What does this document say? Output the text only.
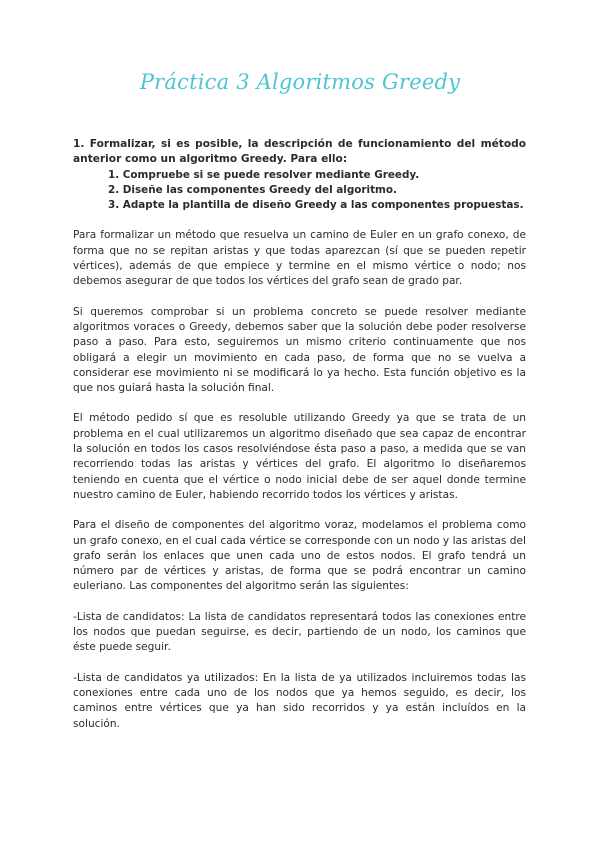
Práctica 3 Algoritmos Greedy

1. Formalizar, si es posible, la descripción de funcionamiento del método anterior como un algoritmo Greedy. Para ello:

1. Compruebe si se puede resolver mediante Greedy.
2. Diseñe las componentes Greedy del algoritmo.
3. Adapte la plantilla de diseño Greedy a las componentes propuestas.

Para formalizar un método que resuelva un camino de Euler en un grafo conexo, de forma que no se repitan aristas y que todas aparezcan (sí que se pueden repetir vértices), además de que empiece y termine en el mismo vértice o nodo; nos debemos asegurar de que todos los vértices del grafo sean de grado par.

Si queremos comprobar si un problema concreto se puede resolver mediante algoritmos voraces o Greedy, debemos saber que la solución debe poder resolverse paso a paso. Para esto, seguiremos un mismo criterio continuamente que nos obligará a elegir un movimiento en cada paso, de forma que no se vuelva a considerar ese movimiento ni se modificará lo ya hecho. Esta función objetivo es la que nos guiará hasta la solución final.

El método pedido sí que es resoluble utilizando Greedy ya que se trata de un problema en el cual utilizaremos un algoritmo diseñado que sea capaz de encontrar la solución en todos los casos resolviéndose ésta paso a paso, a medida que se van recorriendo todas las aristas y vértices del grafo. El algoritmo lo diseñaremos teniendo en cuenta que el vértice o nodo inicial debe de ser aquel donde termine nuestro camino de Euler, habiendo recorrido todos los vértices y aristas.

Para el diseño de componentes del algoritmo voraz, modelamos el problema como un grafo conexo, en el cual cada vértice se corresponde con un nodo y las aristas del grafo serán los enlaces que unen cada uno de estos nodos. El grafo tendrá un número par de vértices y aristas, de forma que se podrá encontrar un camino euleriano. Las componentes del algoritmo serán las siguientes:

-Lista de candidatos: La lista de candidatos representará todos las conexiones entre los nodos que puedan seguirse, es decir, partiendo de un nodo, los caminos que éste puede seguir.

-Lista de candidatos ya utilizados: En la lista de ya utilizados incluiremos todas las conexiones entre cada uno de los nodos que ya hemos seguido, es decir, los caminos entre vértices que ya han sido recorridos y ya están incluídos en la solución.
